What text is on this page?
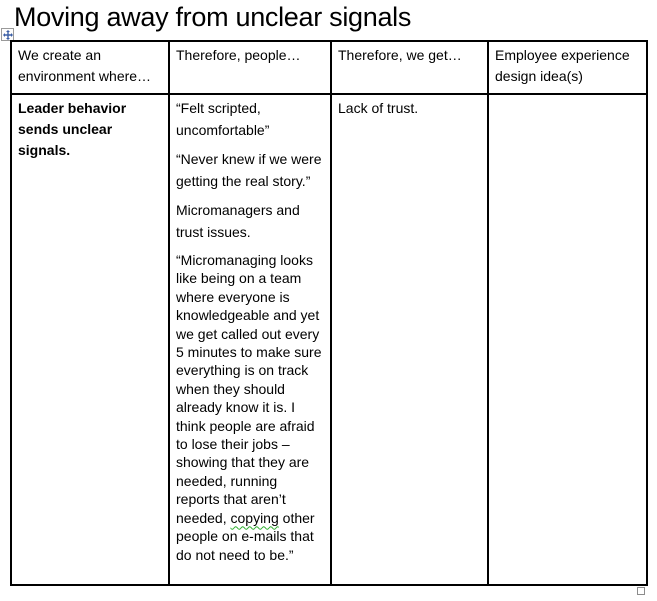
Moving away from unclear signals
We create an environment where…	Therefore, people…	Therefore, we get…	Employee experience design idea(s)
Leader behavior sends unclear signals.	“Felt scripted, uncomfortable”

“Never knew if we were getting the real story.”

Micromanagers and trust issues.

“Micromanaging looks like being on a team where everyone is knowledgeable and yet we get called out every 5 minutes to make sure everything is on track when they should already know it is. I think people are afraid to lose their jobs – showing that they are needed, running reports that aren’t needed, copying other people on e-mails that do not need to be.”	Lack of trust.	
